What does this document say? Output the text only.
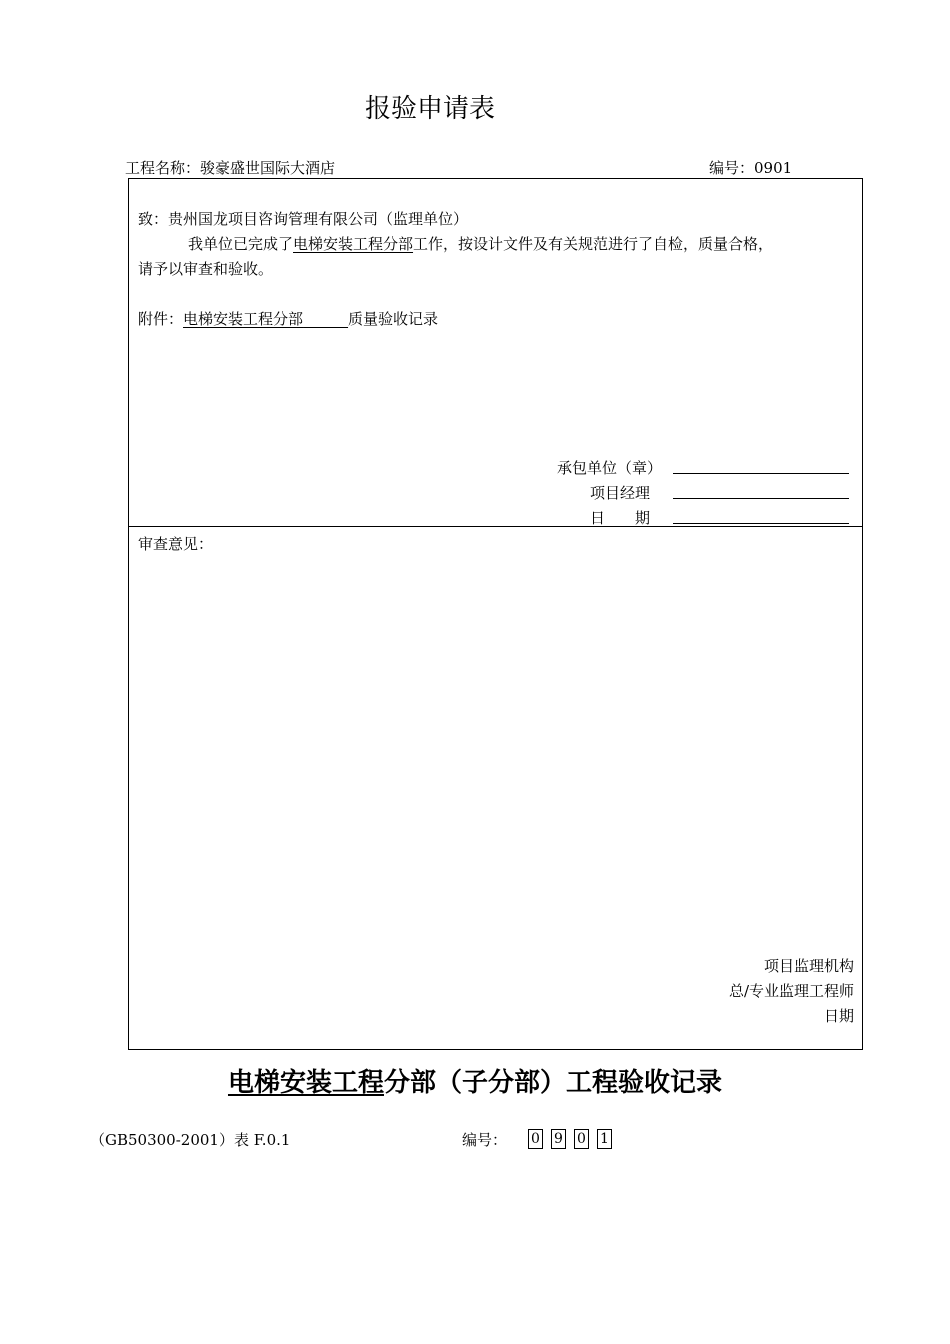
报验申请表
工程名称：骏豪盛世国际大酒店	编号：0901
致：贵州国龙项目咨询管理有限公司（监理单位）
我单位已完成了电梯安装工程分部工作，按设计文件及有关规范进行了自检，质量合格，
请予以审查和验收。
附件：电梯安装工程分部　　　	质量验收记录
承包单位（章）
项目经理
日　　期
审查意见：
项目监理机构
总/专业监理工程师
日期
电梯安装工程分部（子分部）工程验收记录
（GB50300-2001）表 F.0.1	编号： 0 9 0 1
